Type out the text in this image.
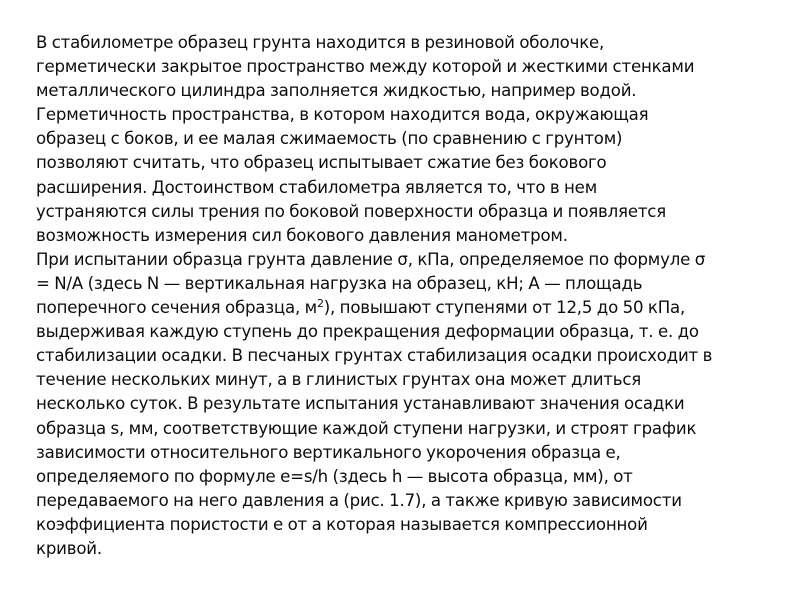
В стабилометре образец грунта находится в резиновой оболочке,
герметически закрытое пространство между которой и жесткими стенками
металлического цилиндра заполняется жидкостью, например водой.
Герметичность пространства, в котором находится вода, окружающая
образец с боков, и ее малая сжимаемость (по сравнению с грунтом)
позволяют считать, что образец испытывает сжатие без бокового
расширения. Достоинством стабилометра является то, что в нем
устраняются силы трения по боковой поверхности образца и появляется
возможность измерения сил бокового давления манометром.

При испытании образца грунта давление σ, кПа, определяемое по формуле σ
= N/A (здесь N — вертикальная нагрузка на образец, кН; А — площадь
поперечного сечения образца, $м^2$), повышают ступенями от 12,5 до 50 кПа,
выдерживая каждую ступень до прекращения деформации образца, т. е. до
стабилизации осадки. В песчаных грунтах стабилизация осадки происходит в
течение нескольких минут, а в глинистых грунтах она может длиться
несколько суток. В результате испытания устанавливают значения осадки
образца s, мм, соответствующие каждой ступени нагрузки, и строят график
зависимости относительного вертикального укорочения образца е,
определяемого по формуле e=s/h (здесь h — высота образца, мм), от
передаваемого на него давления а (рис. 1.7), а также кривую зависимости
коэффициента пористости е от а которая называется компрессионной
кривой.
